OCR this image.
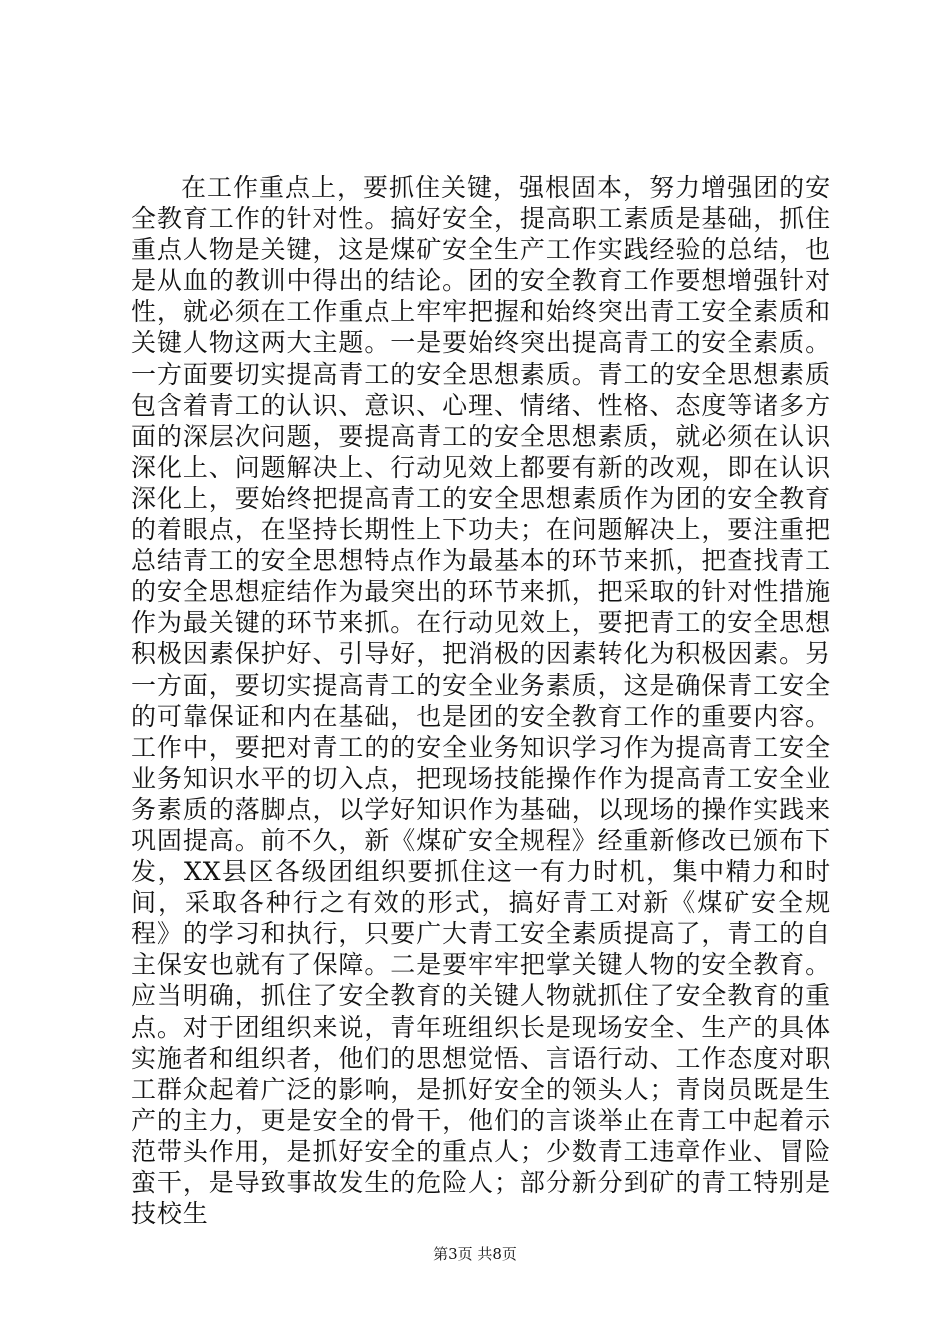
在工作重点上，要抓住关键，强根固本，努力增强团的安全教育工作的针对性。搞好安全，提高职工素质是基础，抓住重点人物是关键，这是煤矿安全生产工作实践经验的总结，也是从血的教训中得出的结论。团的安全教育工作要想增强针对性，就必须在工作重点上牢牢把握和始终突出青工安全素质和关键人物这两大主题。一是要始终突出提高青工的安全素质。一方面要切实提高青工的安全思想素质。青工的安全思想素质包含着青工的认识、意识、心理、情绪、性格、态度等诸多方面的深层次问题，要提高青工的安全思想素质，就必须在认识深化上、问题解决上、行动见效上都要有新的改观，即在认识深化上，要始终把提高青工的安全思想素质作为团的安全教育的着眼点，在坚持长期性上下功夫；在问题解决上，要注重把总结青工的安全思想特点作为最基本的环节来抓，把查找青工的安全思想症结作为最突出的环节来抓，把采取的针对性措施作为最关键的环节来抓。在行动见效上，要把青工的安全思想积极因素保护好、引导好，把消极的因素转化为积极因素。另一方面，要切实提高青工的安全业务素质，这是确保青工安全的可靠保证和内在基础，也是团的安全教育工作的重要内容。工作中，要把对青工的的安全业务知识学习作为提高青工安全业务知识水平的切入点，把现场技能操作作为提高青工安全业务素质的落脚点，以学好知识作为基础，以现场的操作实践来巩固提高。前不久，新《煤矿安全规程》经重新修改已颁布下发，XX县区各级团组织要抓住这一有力时机，集中精力和时间，采取各种行之有效的形式，搞好青工对新《煤矿安全规程》的学习和执行，只要广大青工安全素质提高了，青工的自主保安也就有了保障。二是要牢牢把掌关键人物的安全教育。应当明确，抓住了安全教育的关键人物就抓住了安全教育的重点。对于团组织来说，青年班组织长是现场安全、生产的具体实施者和组织者，他们的思想觉悟、言语行动、工作态度对职工群众起着广泛的影响，是抓好安全的领头人；青岗员既是生产的主力，更是安全的骨干，他们的言谈举止在青工中起着示范带头作用，是抓好安全的重点人；少数青工违章作业、冒险蛮干，是导致事故发生的危险人；部分新分到矿的青工特别是技校生

第3页 共8页
